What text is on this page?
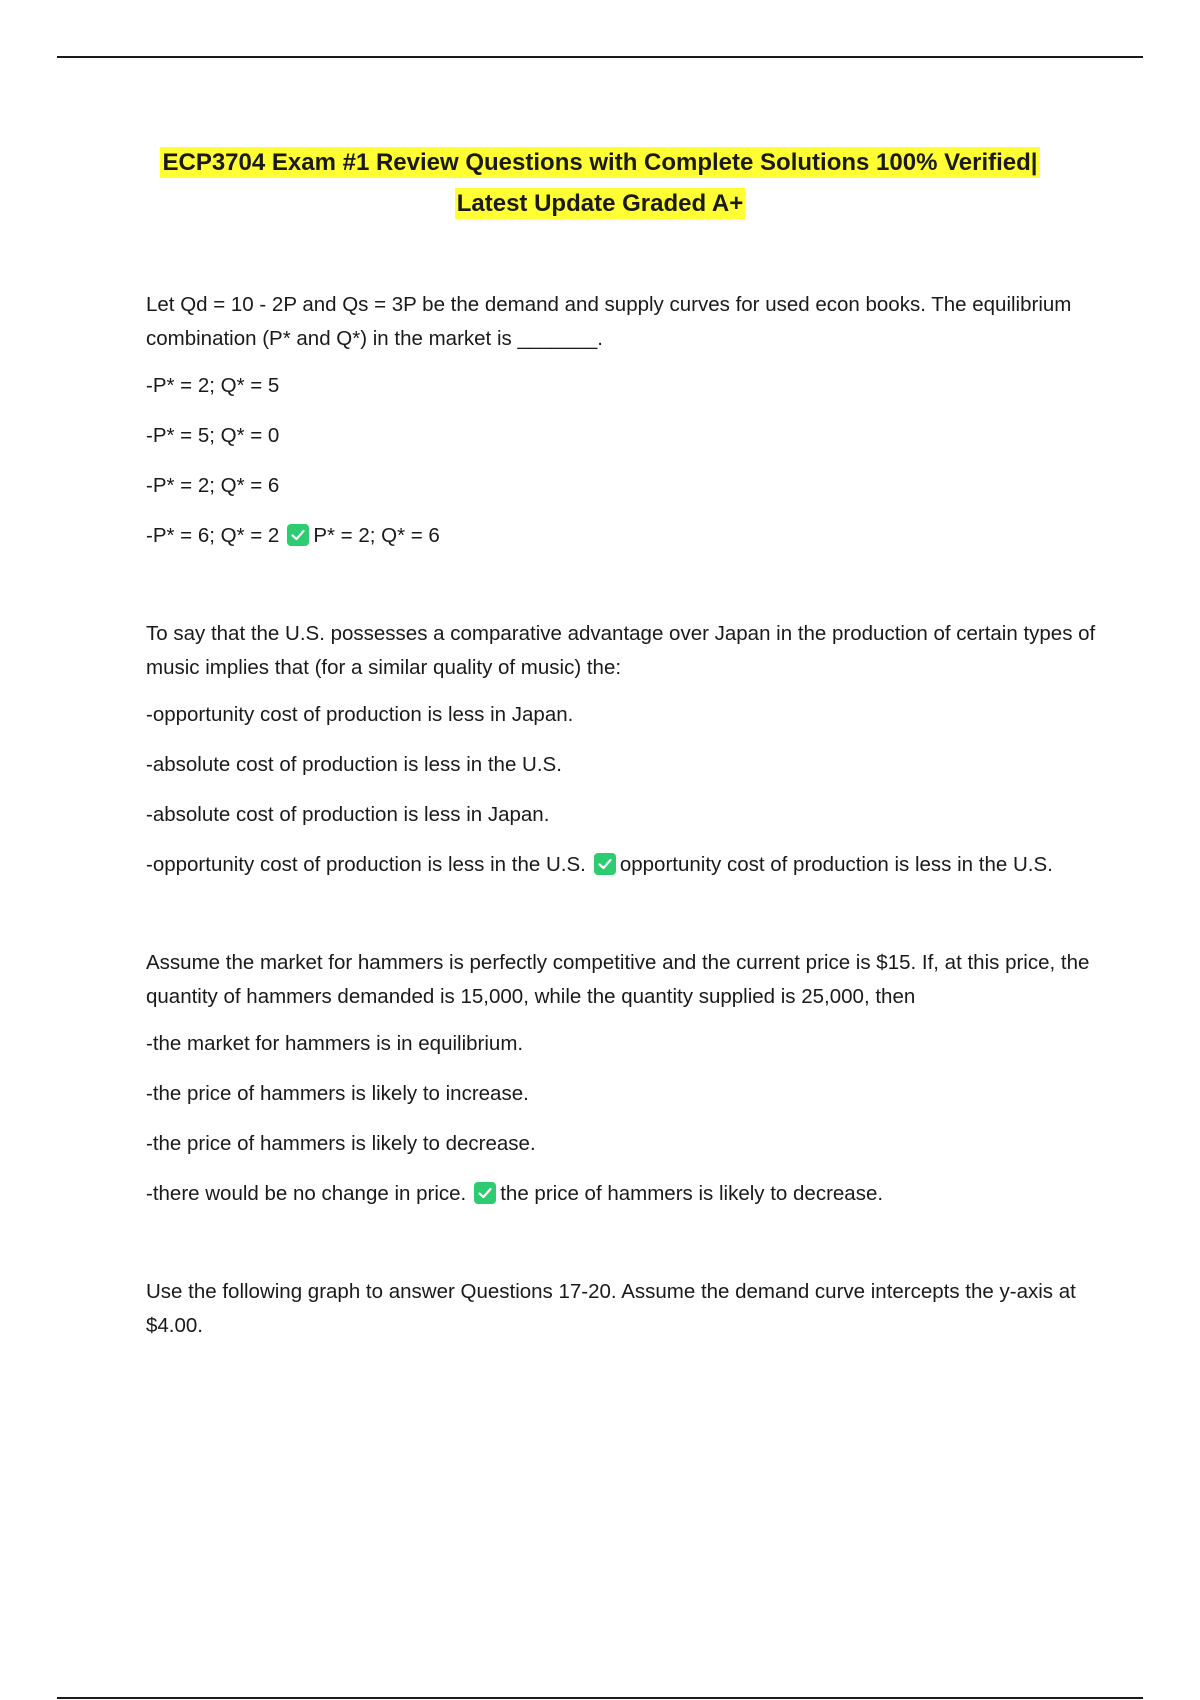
ECP3704 Exam #1 Review Questions with Complete Solutions 100% Verified|
Latest Update Graded A+

Let Qd = 10 - 2P and Qs = 3P be the demand and supply curves for used econ books. The equilibrium combination (P* and Q*) in the market is _______.

-P* = 2; Q* = 5

-P* = 5; Q* = 0

-P* = 2; Q* = 6

-P* = 6; Q* = 2 P* = 2; Q* = 6

To say that the U.S. possesses a comparative advantage over Japan in the production of certain types of music implies that (for a similar quality of music) the:

-opportunity cost of production is less in Japan.

-absolute cost of production is less in the U.S.

-absolute cost of production is less in Japan.

-opportunity cost of production is less in the U.S. opportunity cost of production is less in the U.S.

Assume the market for hammers is perfectly competitive and the current price is $15. If, at this price, the quantity of hammers demanded is 15,000, while the quantity supplied is 25,000, then

-the market for hammers is in equilibrium.

-the price of hammers is likely to increase.

-the price of hammers is likely to decrease.

-there would be no change in price. the price of hammers is likely to decrease.

Use the following graph to answer Questions 17-20. Assume the demand curve intercepts the y-axis at $4.00.
